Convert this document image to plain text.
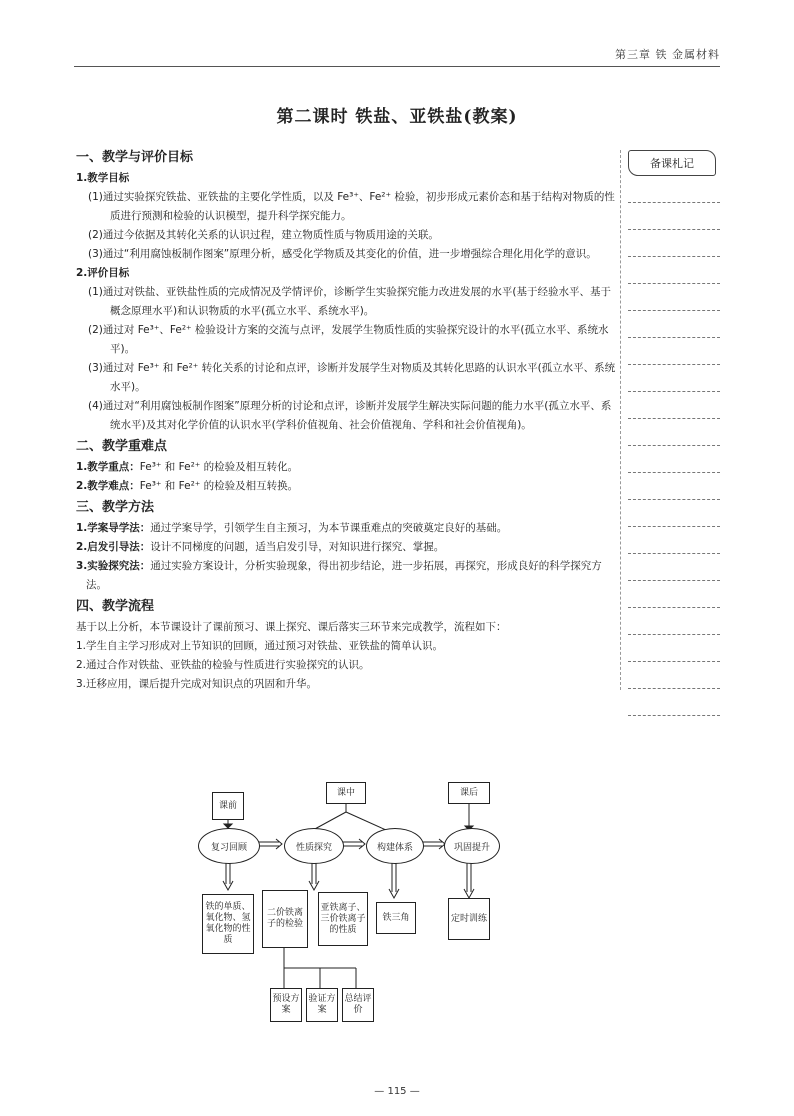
第三章 铁 金属材料
第二课时 铁盐、亚铁盐(教案)
一、教学与评价目标
1.教学目标

(1)通过实验探究铁盐、亚铁盐的主要化学性质，以及 Fe³⁺、Fe²⁺ 检验，初步形成元素价态和基于结构对物质的性质进行预测和检验的认识模型，提升科学探究能力。

(2)通过今依据及其转化关系的认识过程，建立物质性质与物质用途的关联。

(3)通过“利用腐蚀板制作图案”原理分析，感受化学物质及其变化的价值，进一步增强综合理化用化学的意识。

2.评价目标

(1)通过对铁盐、亚铁盐性质的完成情况及学情评价，诊断学生实验探究能力改进发展的水平(基于经验水平、基于概念原理水平)和认识物质的水平(孤立水平、系统水平)。

(2)通过对 Fe³⁺、Fe²⁺ 检验设计方案的交流与点评，发展学生物质性质的实验探究设计的水平(孤立水平、系统水平)。

(3)通过对 Fe³⁺ 和 Fe²⁺ 转化关系的讨论和点评，诊断并发展学生对物质及其转化思路的认识水平(孤立水平、系统水平)。

(4)通过对“利用腐蚀板制作图案”原理分析的讨论和点评，诊断并发展学生解决实际问题的能力水平(孤立水平、系统水平)及其对化学价值的认识水平(学科价值视角、社会价值视角、学科和社会价值视角)。

二、教学重难点

1.教学重点：Fe³⁺ 和 Fe²⁺ 的检验及相互转化。

2.教学难点：Fe³⁺ 和 Fe²⁺ 的检验及相互转换。

三、教学方法

1.学案导学法：通过学案导学，引领学生自主预习，为本节课重难点的突破奠定良好的基础。

2.启发引导法：设计不同梯度的问题，适当启发引导，对知识进行探究、掌握。

3.实验探究法：通过实验方案设计，分析实验现象，得出初步结论，进一步拓展，再探究，形成良好的科学探究方法。

四、教学流程

基于以上分析，本节课设计了课前预习、课上探究、课后落实三环节来完成教学，流程如下：

1.学生自主学习形成对上节知识的回顾，通过预习对铁盐、亚铁盐的简单认识。

2.通过合作对铁盐、亚铁盐的检验与性质进行实验探究的认识。

3.迁移应用，课后提升完成对知识点的巩固和升华。

备课札记
课前
课中	课后
复习回顾	性质探究	构建体系	巩固提升
铁的单质、氧化物、氢氧化物的性质
二价铁离子的检验
亚铁离子、三价铁离子的性质
铁三角	定时训练
预设方案
验证方案
总结评价
— 115 —
